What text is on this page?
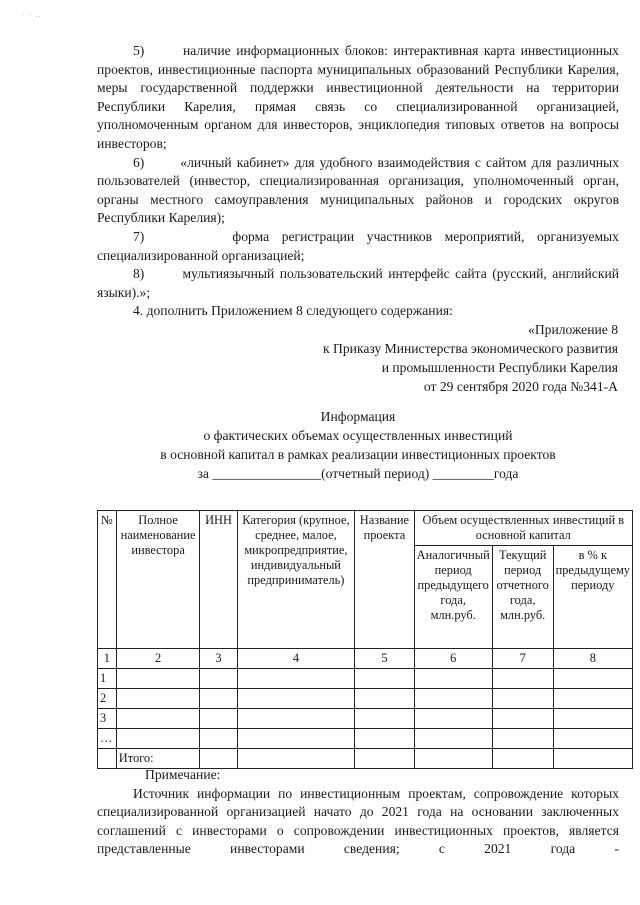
· · ..

5)	наличие информационных блоков: интерактивная карта инвестиционных проектов, инвестиционные паспорта муниципальных образований Республики Карелия, меры государственной поддержки инвестиционной деятельности на территории Республики Карелия, прямая связь со специализированной организацией, уполномоченным органом для инвесторов, энциклопедия типовых ответов на вопросы инвесторов;

6)	«личный кабинет» для удобного взаимодействия с сайтом для различных пользователей (инвестор, специализированная организация, уполномоченный орган, органы местного самоуправления муниципальных районов и городских округов Республики Карелия);

7)	форма регистрации участников мероприятий, организуемых специализированной организацией;

8)	мультиязычный пользовательский интерфейс сайта (русский, английский языки).»;

4. дополнить Приложением 8 следующего содержания:

«Приложение 8
к Приказу Министерства экономического развития
и промышленности Республики Карелия
от 29 сентября 2020 года №341-А
Информация
о фактических объемах осуществленных инвестиций
в основной капитал в рамках реализации инвестиционных проектов
за ________________(отчетный период) _________года
№	Полное наименование инвестора	ИНН	Категория (крупное, среднее, малое, микропредприятие, индивидуальный предприниматель)	Название проекта	Объем осуществленных инвестиций в основной капитал		
					Аналогичный период предыдущего года, млн.руб.	Текущий период отчетного года, млн.руб.	в % к предыдущему периоду
1	2	3	4	5	6	7	8
1							
2							
3							
…							
	Итого:						

Примечание:

Источник информации по инвестиционным проектам, сопровождение которых специализированной организацией начато до 2021 года на основании заключенных соглашений с инвесторами о сопровождении инвестиционных проектов, является представленные инвесторами сведения; с 2021 года -
